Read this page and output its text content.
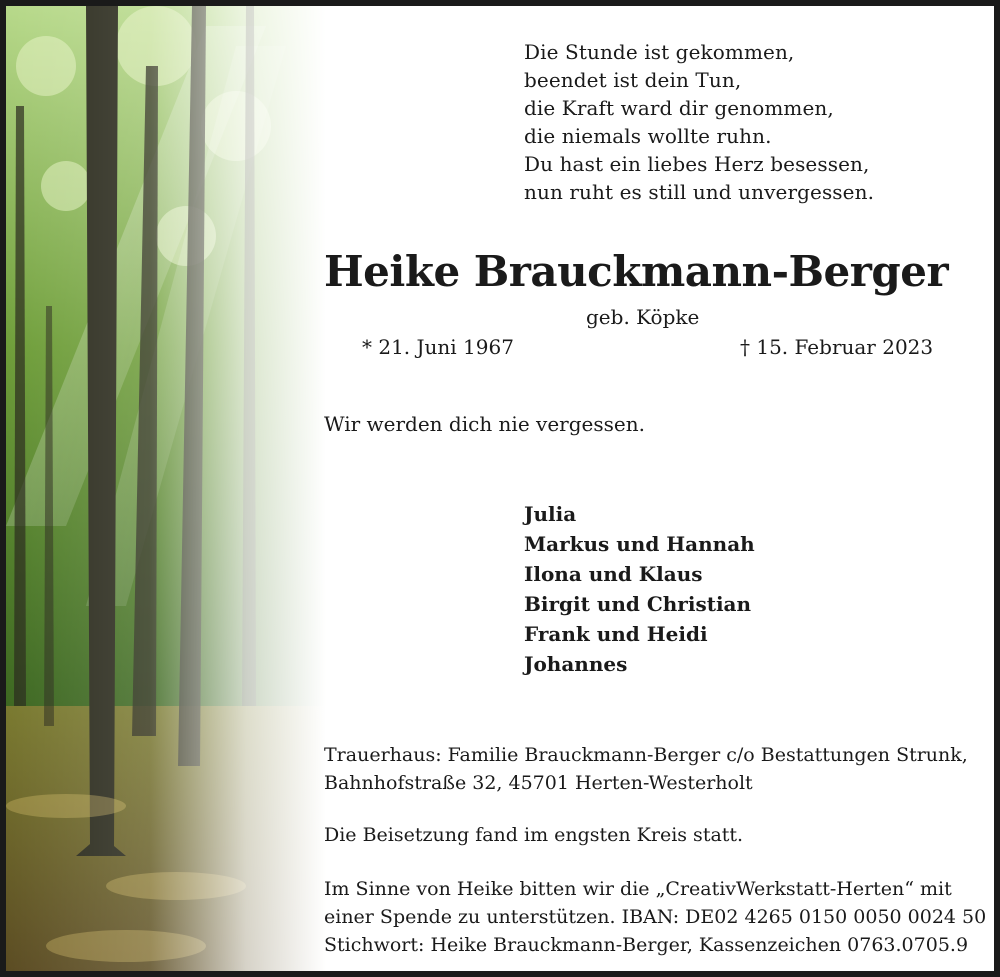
Die Stunde ist gekommen,
beendet ist dein Tun,
die Kraft ward dir genommen,
die niemals wollte ruhn.
Du hast ein liebes Herz besessen,
nun ruht es still und unvergessen.
Heike Brauckmann-Berger
geb. Köpke
* 21. Juni 1967	† 15. Februar 2023
Wir werden dich nie vergessen.
Julia
Markus und Hannah
Ilona und Klaus
Birgit und Christian
Frank und Heidi
Johannes
Trauerhaus: Familie Brauckmann-Berger c/o Bestattungen Strunk,
Bahnhofstraße 32, 45701 Herten-Westerholt
Die Beisetzung fand im engsten Kreis statt.
Im Sinne von Heike bitten wir die „CreativWerkstatt-Herten“ mit
einer Spende zu unterstützen. IBAN: DE02 4265 0150 0050 0024 50
Stichwort: Heike Brauckmann-Berger, Kassenzeichen 0763.0705.9
